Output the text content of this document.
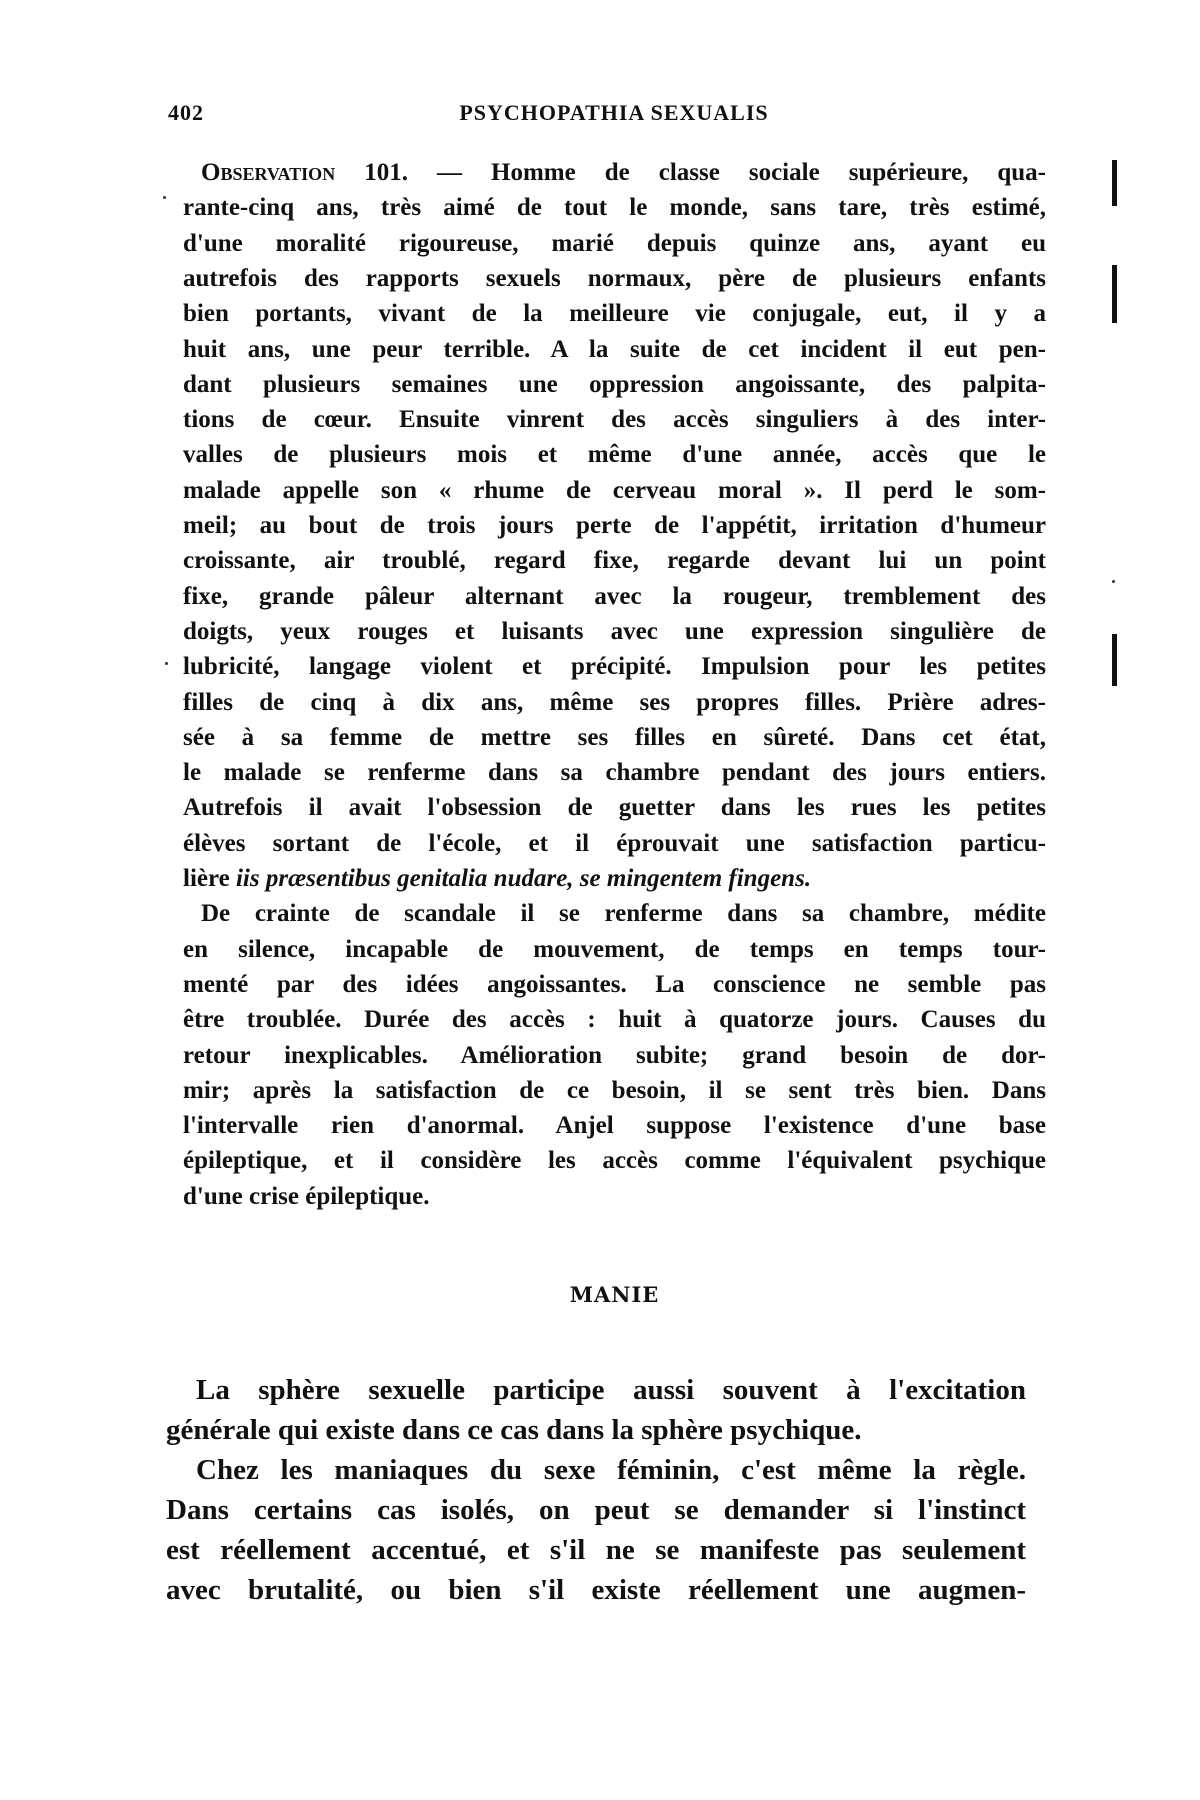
402	PSYCHOPATHIA SEXUALIS
Observation 101. — Homme de classe sociale supérieure, qua-
rante-cinq ans, très aimé de tout le monde, sans tare, très estimé,
d'une moralité rigoureuse, marié depuis quinze ans, ayant eu
autrefois des rapports sexuels normaux, père de plusieurs enfants
bien portants, vivant de la meilleure vie conjugale, eut, il y a
huit ans, une peur terrible. A la suite de cet incident il eut pen-
dant plusieurs semaines une oppression angoissante, des palpita-
tions de cœur. Ensuite vinrent des accès singuliers à des inter-
valles de plusieurs mois et même d'une année, accès que le
malade appelle son « rhume de cerveau moral ». Il perd le som-
meil; au bout de trois jours perte de l'appétit, irritation d'humeur
croissante, air troublé, regard fixe, regarde devant lui un point
fixe, grande pâleur alternant avec la rougeur, tremblement des
doigts, yeux rouges et luisants avec une expression singulière de
lubricité, langage violent et précipité. Impulsion pour les petites
filles de cinq à dix ans, même ses propres filles. Prière adres-
sée à sa femme de mettre ses filles en sûreté. Dans cet état,
le malade se renferme dans sa chambre pendant des jours entiers.
Autrefois il avait l'obsession de guetter dans les rues les petites
élèves sortant de l'école, et il éprouvait une satisfaction particu-
lière iis præsentibus genitalia nudare, se mingentem fingens.
De crainte de scandale il se renferme dans sa chambre, médite
en silence, incapable de mouvement, de temps en temps tour-
menté par des idées angoissantes. La conscience ne semble pas
être troublée. Durée des accès : huit à quatorze jours. Causes du
retour inexplicables. Amélioration subite; grand besoin de dor-
mir; après la satisfaction de ce besoin, il se sent très bien. Dans
l'intervalle rien d'anormal. Anjel suppose l'existence d'une base
épileptique, et il considère les accès comme l'équivalent psychique
d'une crise épileptique.
MANIE
La sphère sexuelle participe aussi souvent à l'excitation
générale qui existe dans ce cas dans la sphère psychique.
Chez les maniaques du sexe féminin, c'est même la règle.
Dans certains cas isolés, on peut se demander si l'instinct
est réellement accentué, et s'il ne se manifeste pas seulement
avec brutalité, ou bien s'il existe réellement une augmen-
